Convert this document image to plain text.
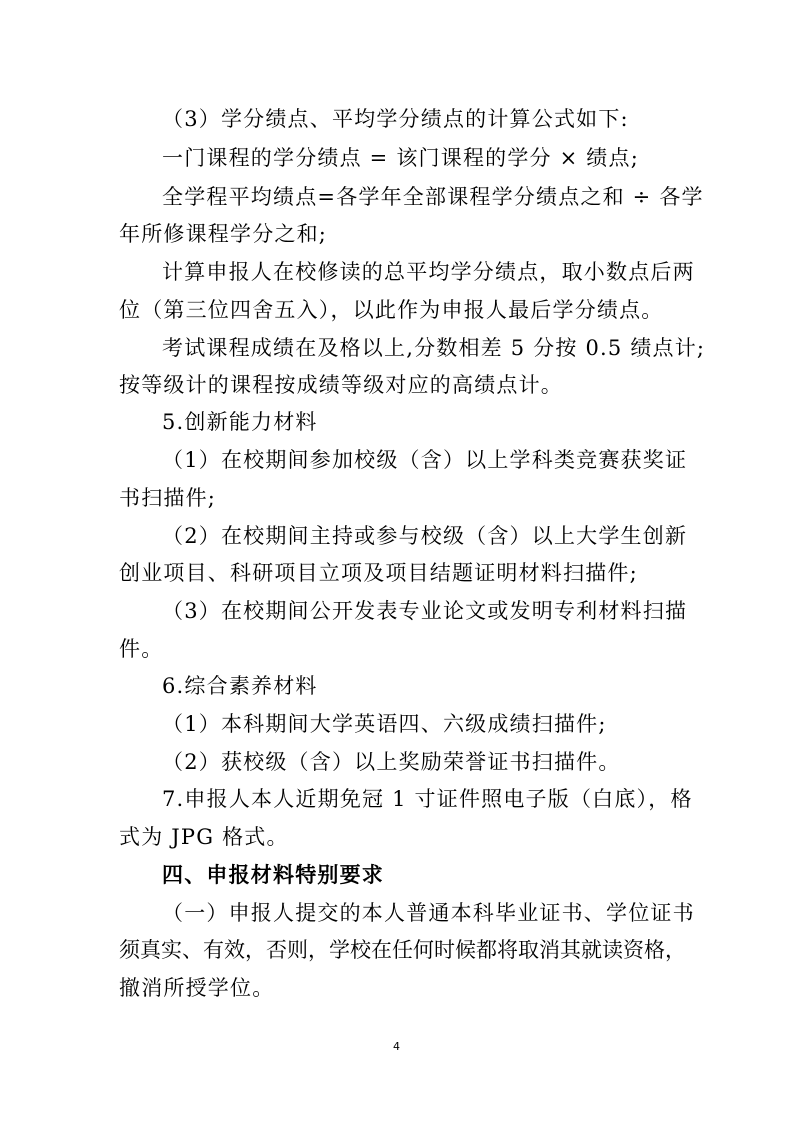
（3）学分绩点、平均学分绩点的计算公式如下:
一门课程的学分绩点 = 该门课程的学分 × 绩点;
全学程平均绩点=各学年全部课程学分绩点之和 ÷ 各学
年所修课程学分之和;
计算申报人在校修读的总平均学分绩点，取小数点后两
位（第三位四舍五入），以此作为申报人最后学分绩点。
考试课程成绩在及格以上,分数相差 5 分按 0.5 绩点计;
按等级计的课程按成绩等级对应的高绩点计。
5.创新能力材料
（1）在校期间参加校级（含）以上学科类竞赛获奖证
书扫描件;
（2）在校期间主持或参与校级（含）以上大学生创新
创业项目、科研项目立项及项目结题证明材料扫描件;
（3）在校期间公开发表专业论文或发明专利材料扫描
件。
6.综合素养材料
（1）本科期间大学英语四、六级成绩扫描件;
（2）获校级（含）以上奖励荣誉证书扫描件。
7.申报人本人近期免冠 1 寸证件照电子版（白底），格
式为 JPG 格式。
四、申报材料特别要求
（一）申报人提交的本人普通本科毕业证书、学位证书
须真实、有效，否则，学校在任何时候都将取消其就读资格，
撤消所授学位。
4
